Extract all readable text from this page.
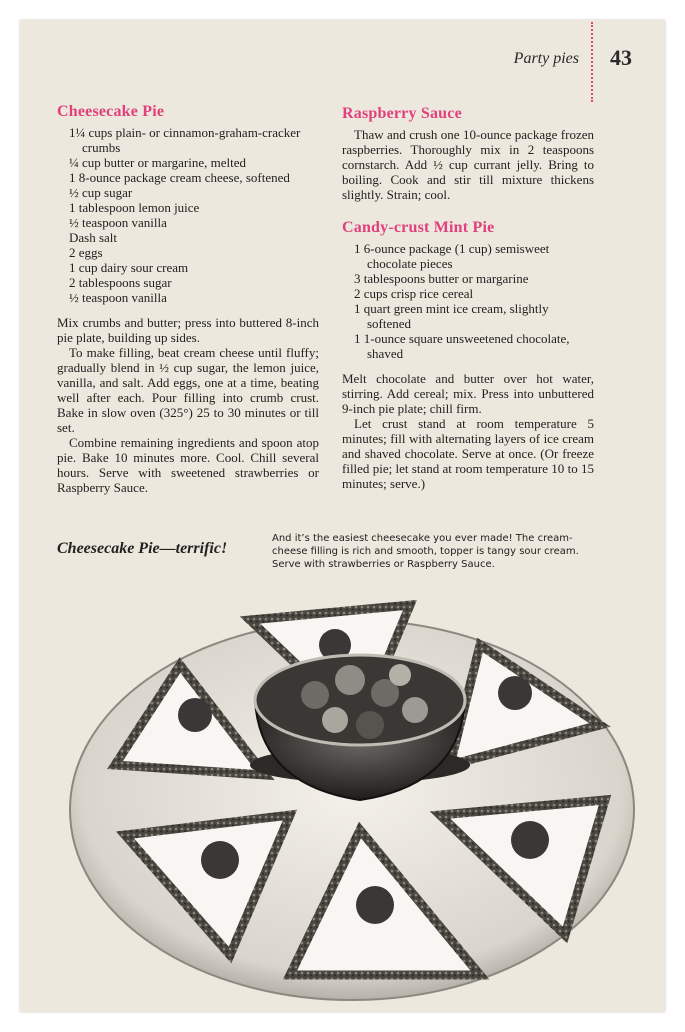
Party pies 43
Cheesecake Pie
1¼ cups plain- or cinnamon-graham-cracker crumbs
¼ cup butter or margarine, melted
1 8-ounce package cream cheese, softened
½ cup sugar
1 tablespoon lemon juice
½ teaspoon vanilla
Dash salt
2 eggs
1 cup dairy sour cream
2 tablespoons sugar
½ teaspoon vanilla

Mix crumbs and butter; press into buttered 8-inch pie plate, building up sides.

To make filling, beat cream cheese until fluffy; gradually blend in ½ cup sugar, the lemon juice, vanilla, and salt. Add eggs, one at a time, beating well after each. Pour filling into crumb crust. Bake in slow oven (325°) 25 to 30 minutes or till set.

Combine remaining ingredients and spoon atop pie. Bake 10 minutes more. Cool. Chill several hours. Serve with sweetened strawberries or Raspberry Sauce.

Raspberry Sauce

Thaw and crush one 10-ounce package frozen raspberries. Thoroughly mix in 2 teaspoons cornstarch. Add ½ cup currant jelly. Bring to boiling. Cook and stir till mixture thickens slightly. Strain; cool.

Candy-crust Mint Pie
1 6-ounce package (1 cup) semisweet chocolate pieces
3 tablespoons butter or margarine
2 cups crisp rice cereal
1 quart green mint ice cream, slightly softened
1 1-ounce square unsweetened chocolate, shaved

Melt chocolate and butter over hot water, stirring. Add cereal; mix. Press into unbuttered 9-inch pie plate; chill firm.

Let crust stand at room temperature 5 minutes; fill with alternating layers of ice cream and shaved chocolate. Serve at once. (Or freeze filled pie; let stand at room temperature 10 to 15 minutes; serve.)

Cheesecake Pie—terrific!
And it’s the easiest cheesecake you ever made! The cream-cheese filling is rich and smooth, topper is tangy sour cream. Serve with strawberries or Raspberry Sauce.
